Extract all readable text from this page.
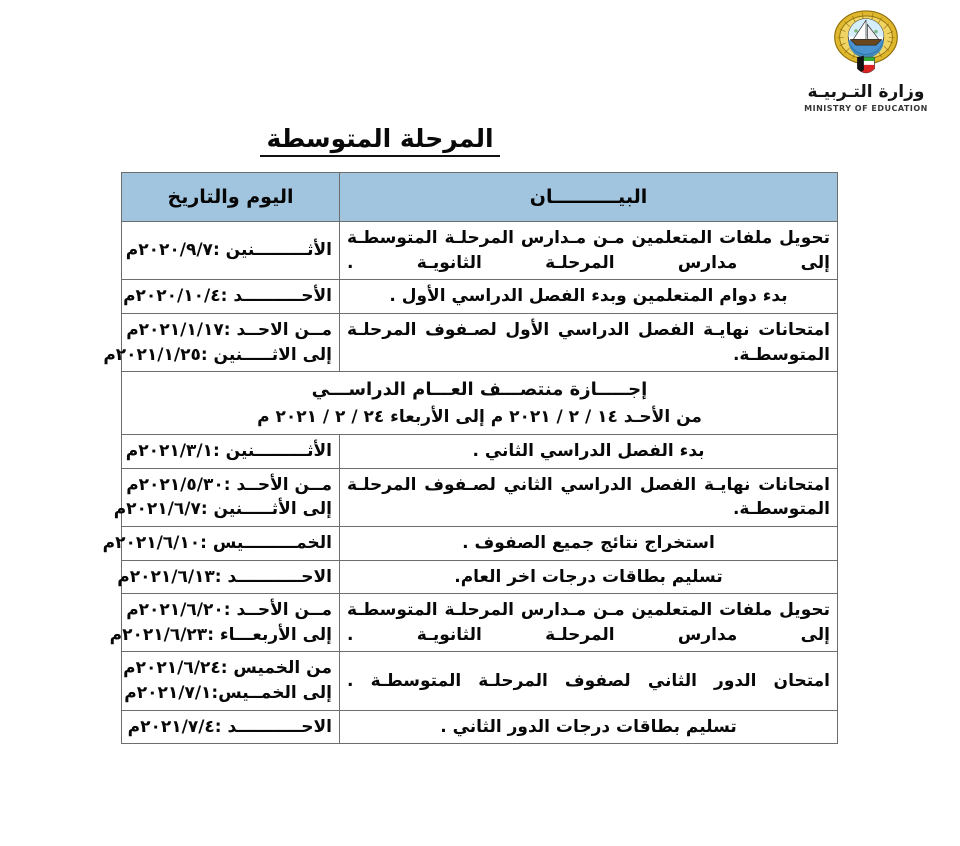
وزارة التـربيـة
MINISTRY OF EDUCATION
المرحلة المتوسطة
البيــــــــــان	اليوم والتاريخ
تحويل ملفات المتعلمين مـن مـدارس المرحلـة المتوسطـة إلى مدارس المرحلـة الثانويـة .	الأثـــــــــنين :٢٠٢٠/٩/٧م

بدء دوام المتعلمين وبدء الفصل الدراسي الأول .	الأحــــــــــد :٢٠٢٠/١٠/٤م

امتحانات نهايـة الفصل الدراسي الأول لصـفوف المرحلـة المتوسطـة.	مــن الاحــد :٢٠٢١/١/١٧م
إلى الاثـــــنين :٢٠٢١/١/٢٥م

إجـــــازة منتصـــف العـــام الدراســـي
من الأحـد ١٤ / ٢ / ٢٠٢١ م إلى الأربعاء ٢٤ / ٢ / ٢٠٢١ م	

بدء الفصل الدراسي الثاني .	الأثـــــــــنين :٢٠٢١/٣/١م

امتحانات نهايـة الفصل الدراسي الثاني لصـفوف المرحلـة المتوسطـة.	مــن الأحــد :٢٠٢١/٥/٣٠م
إلى الأثـــــنين :٢٠٢١/٦/٧م

استخراج نتائج جميع الصفوف .	الخمـــــــــيس :٢٠٢١/٦/١٠م

تسليم بطاقات درجات اخر العام.	الاحـــــــــــد :٢٠٢١/٦/١٣م

تحويل ملفات المتعلمين مـن مـدارس المرحلـة المتوسطـة إلى مدارس المرحلـة الثانويـة .	مــن الأحــد :٢٠٢١/٦/٢٠م
إلى الأربعـــاء :٢٠٢١/٦/٢٣م

امتحان الدور الثاني لصفوف المرحلـة المتوسطـة .	من الخميس :٢٠٢١/٦/٢٤م
إلى الخمــيس:٢٠٢١/٧/١م

تسليم بطاقات درجات الدور الثاني .	الاحـــــــــــد :٢٠٢١/٧/٤م
